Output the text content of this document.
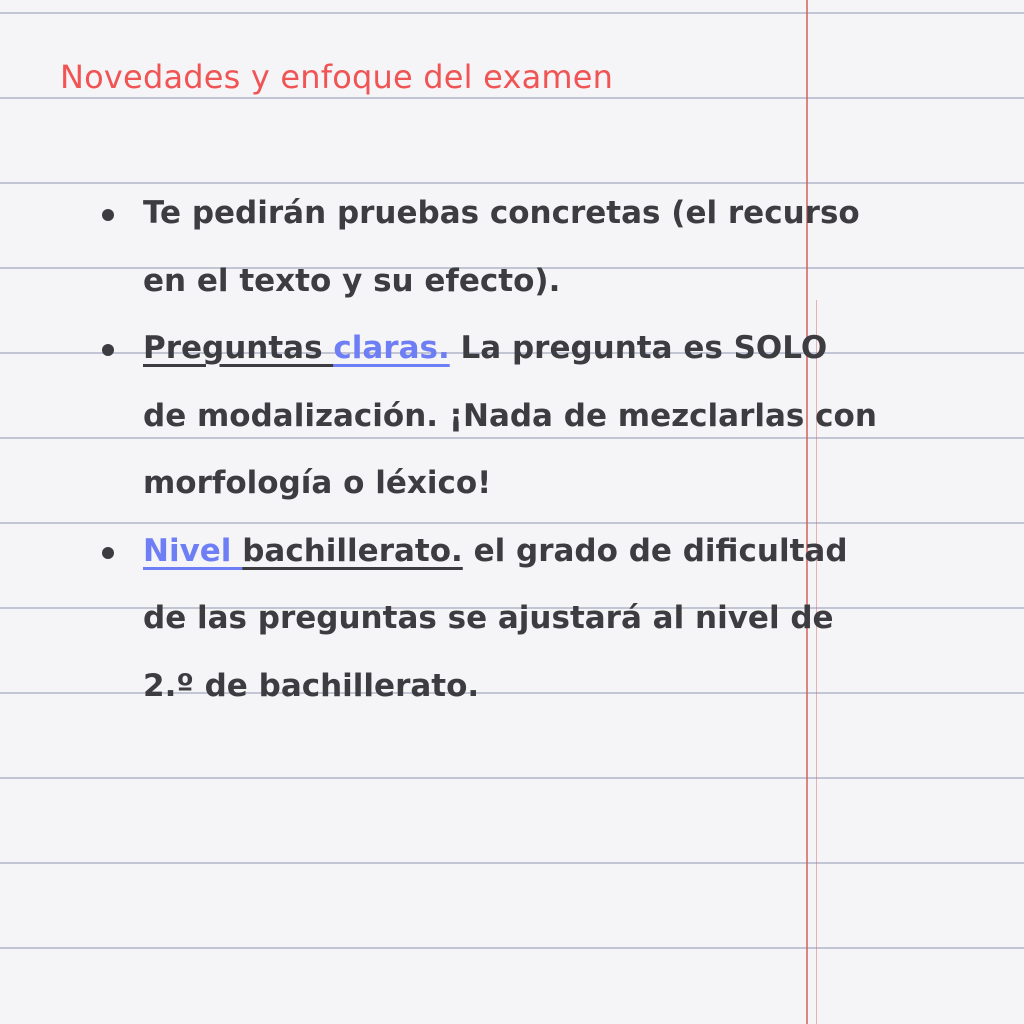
Novedades y enfoque del examen
Te pedirán pruebas concretas (el recurso
en el texto y su efecto).
Preguntas claras. La pregunta es SOLO
de modalización. ¡Nada de mezclarlas con
morfología o léxico!
Nivel bachillerato. el grado de dificultad
de las preguntas se ajustará al nivel de
2.º de bachillerato.
